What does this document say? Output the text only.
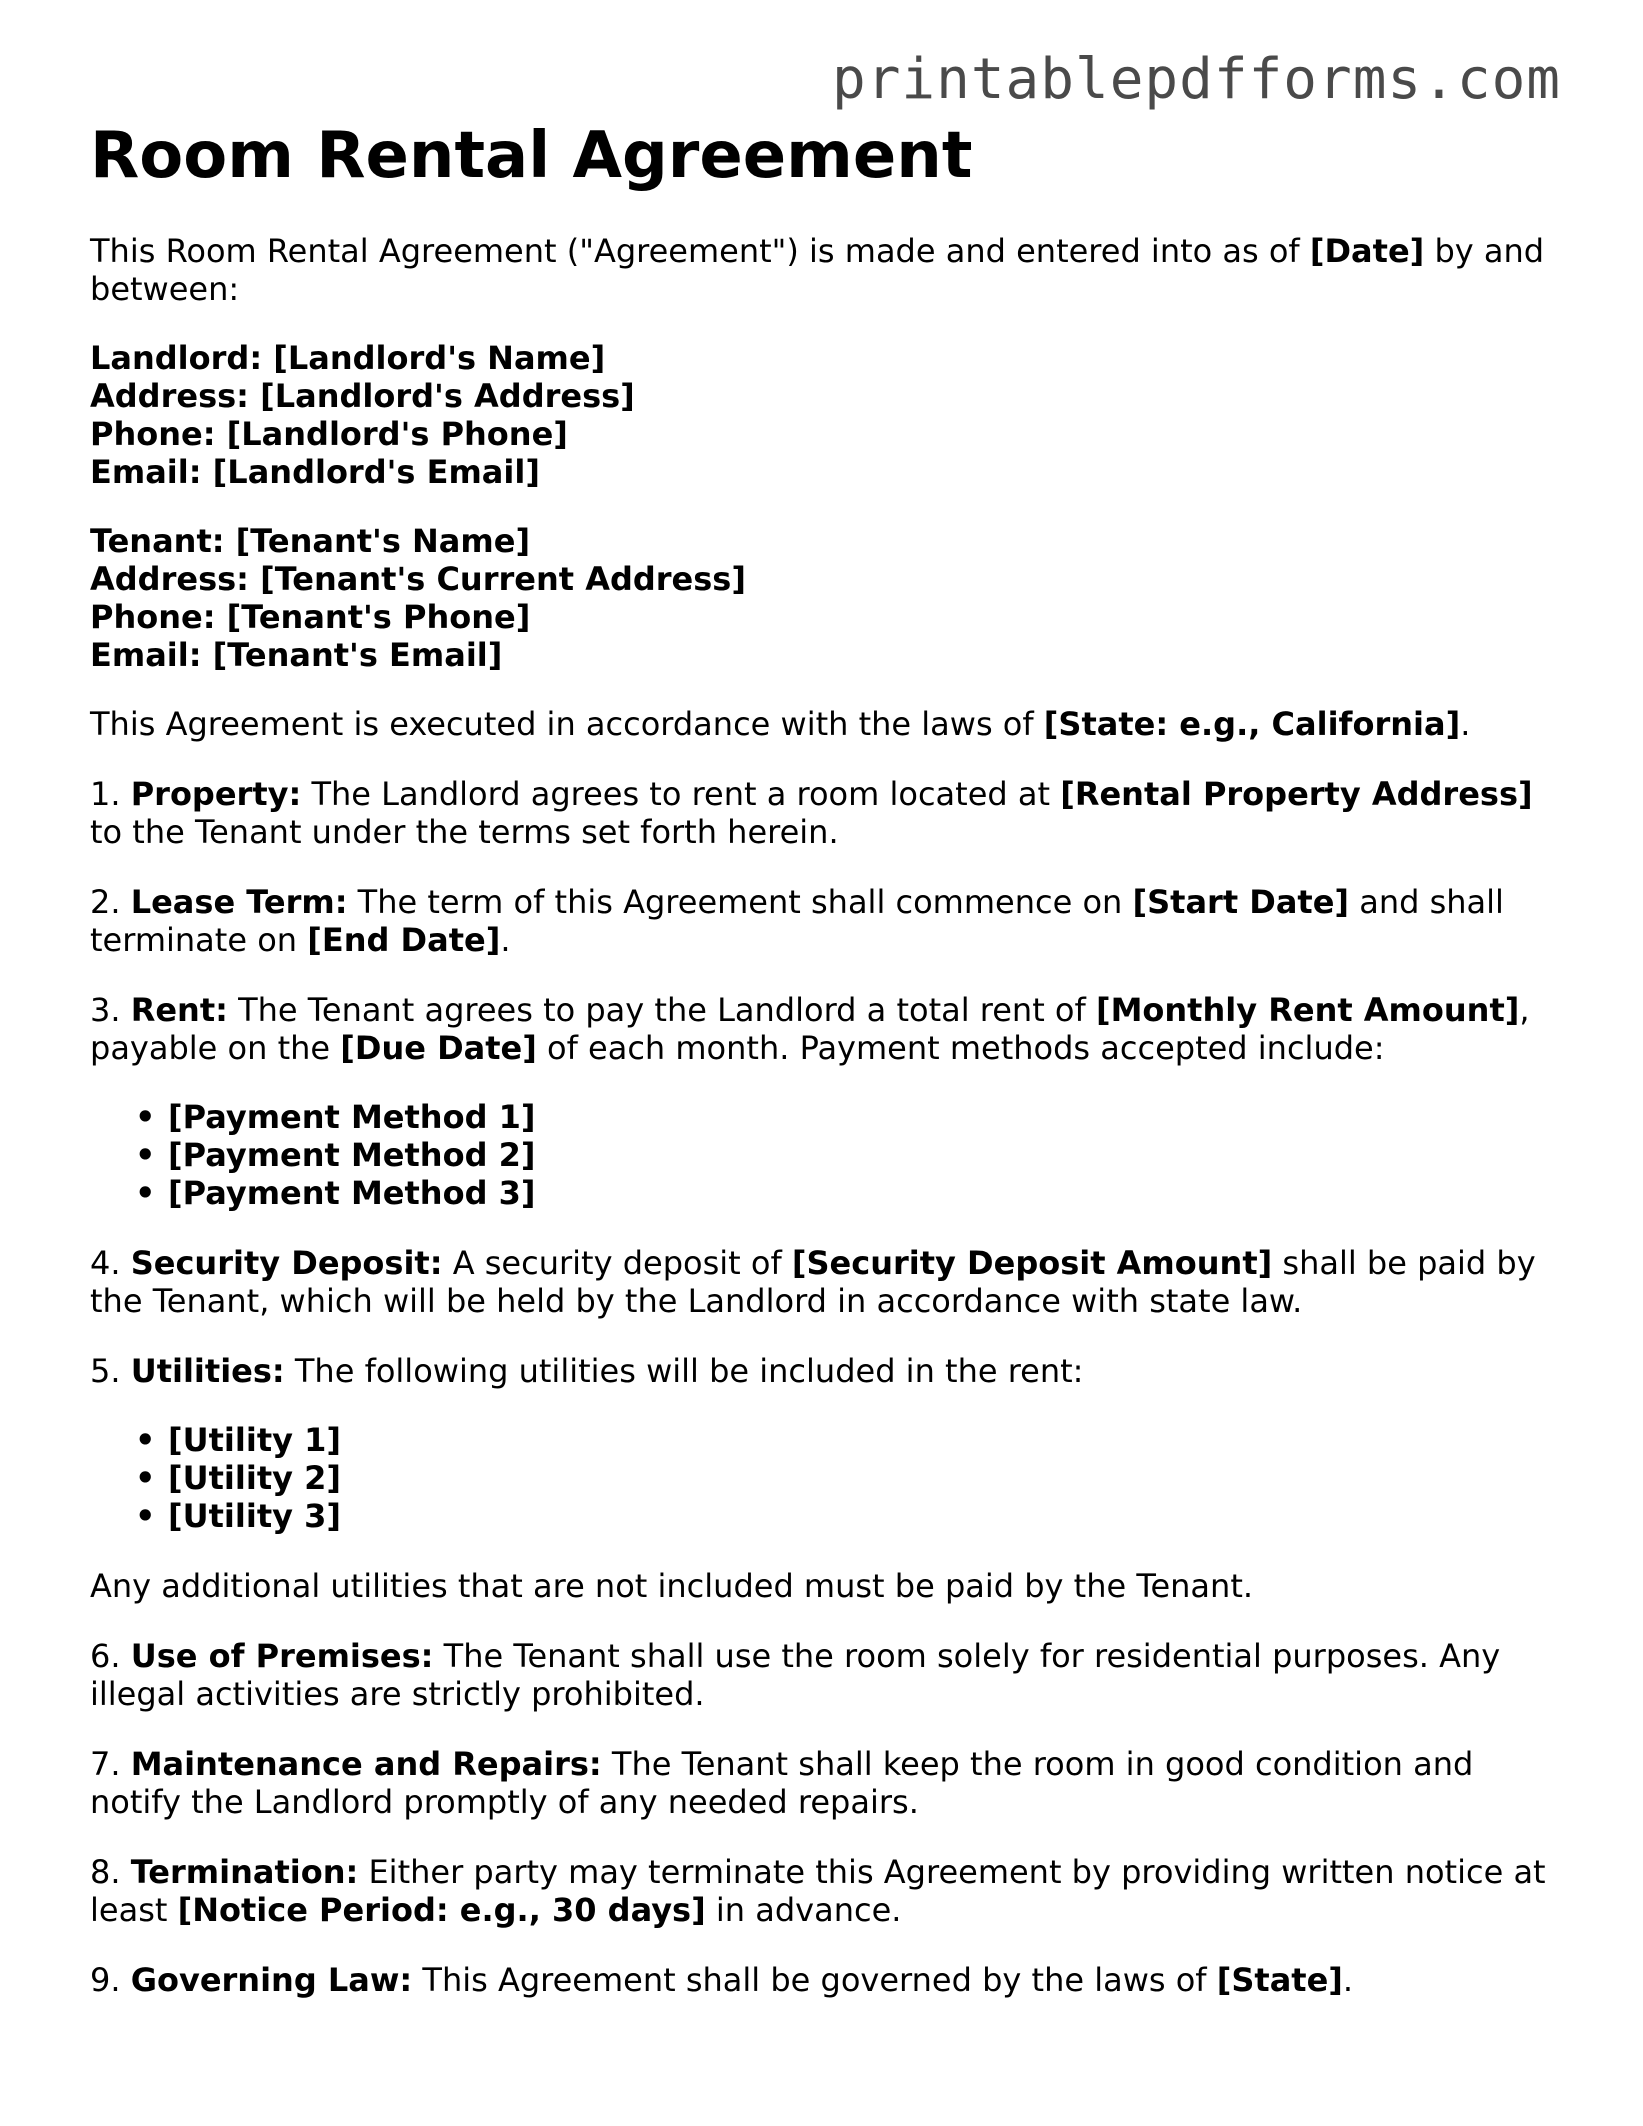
printablepdfforms.com
Room Rental Agreement

This Room Rental Agreement ("Agreement") is made and entered into as of [Date] by and between:

Landlord: [Landlord's Name]
Address: [Landlord's Address]
Phone: [Landlord's Phone]
Email: [Landlord's Email]
Tenant: [Tenant's Name]
Address: [Tenant's Current Address]
Phone: [Tenant's Phone]
Email: [Tenant's Email]

This Agreement is executed in accordance with the laws of [State: e.g., California].

1. Property: The Landlord agrees to rent a room located at [Rental Property Address] to the Tenant under the terms set forth herein.

2. Lease Term: The term of this Agreement shall commence on [Start Date] and shall terminate on [End Date].

3. Rent: The Tenant agrees to pay the Landlord a total rent of [Monthly Rent Amount], payable on the [Due Date] of each month. Payment methods accepted include:

• [Payment Method 1]
• [Payment Method 2]
• [Payment Method 3]

4. Security Deposit: A security deposit of [Security Deposit Amount] shall be paid by the Tenant, which will be held by the Landlord in accordance with state law.

5. Utilities: The following utilities will be included in the rent:

• [Utility 1]
• [Utility 2]
• [Utility 3]

Any additional utilities that are not included must be paid by the Tenant.

6. Use of Premises: The Tenant shall use the room solely for residential purposes. Any illegal activities are strictly prohibited.

7. Maintenance and Repairs: The Tenant shall keep the room in good condition and notify the Landlord promptly of any needed repairs.

8. Termination: Either party may terminate this Agreement by providing written notice at least [Notice Period: e.g., 30 days] in advance.

9. Governing Law: This Agreement shall be governed by the laws of [State].
